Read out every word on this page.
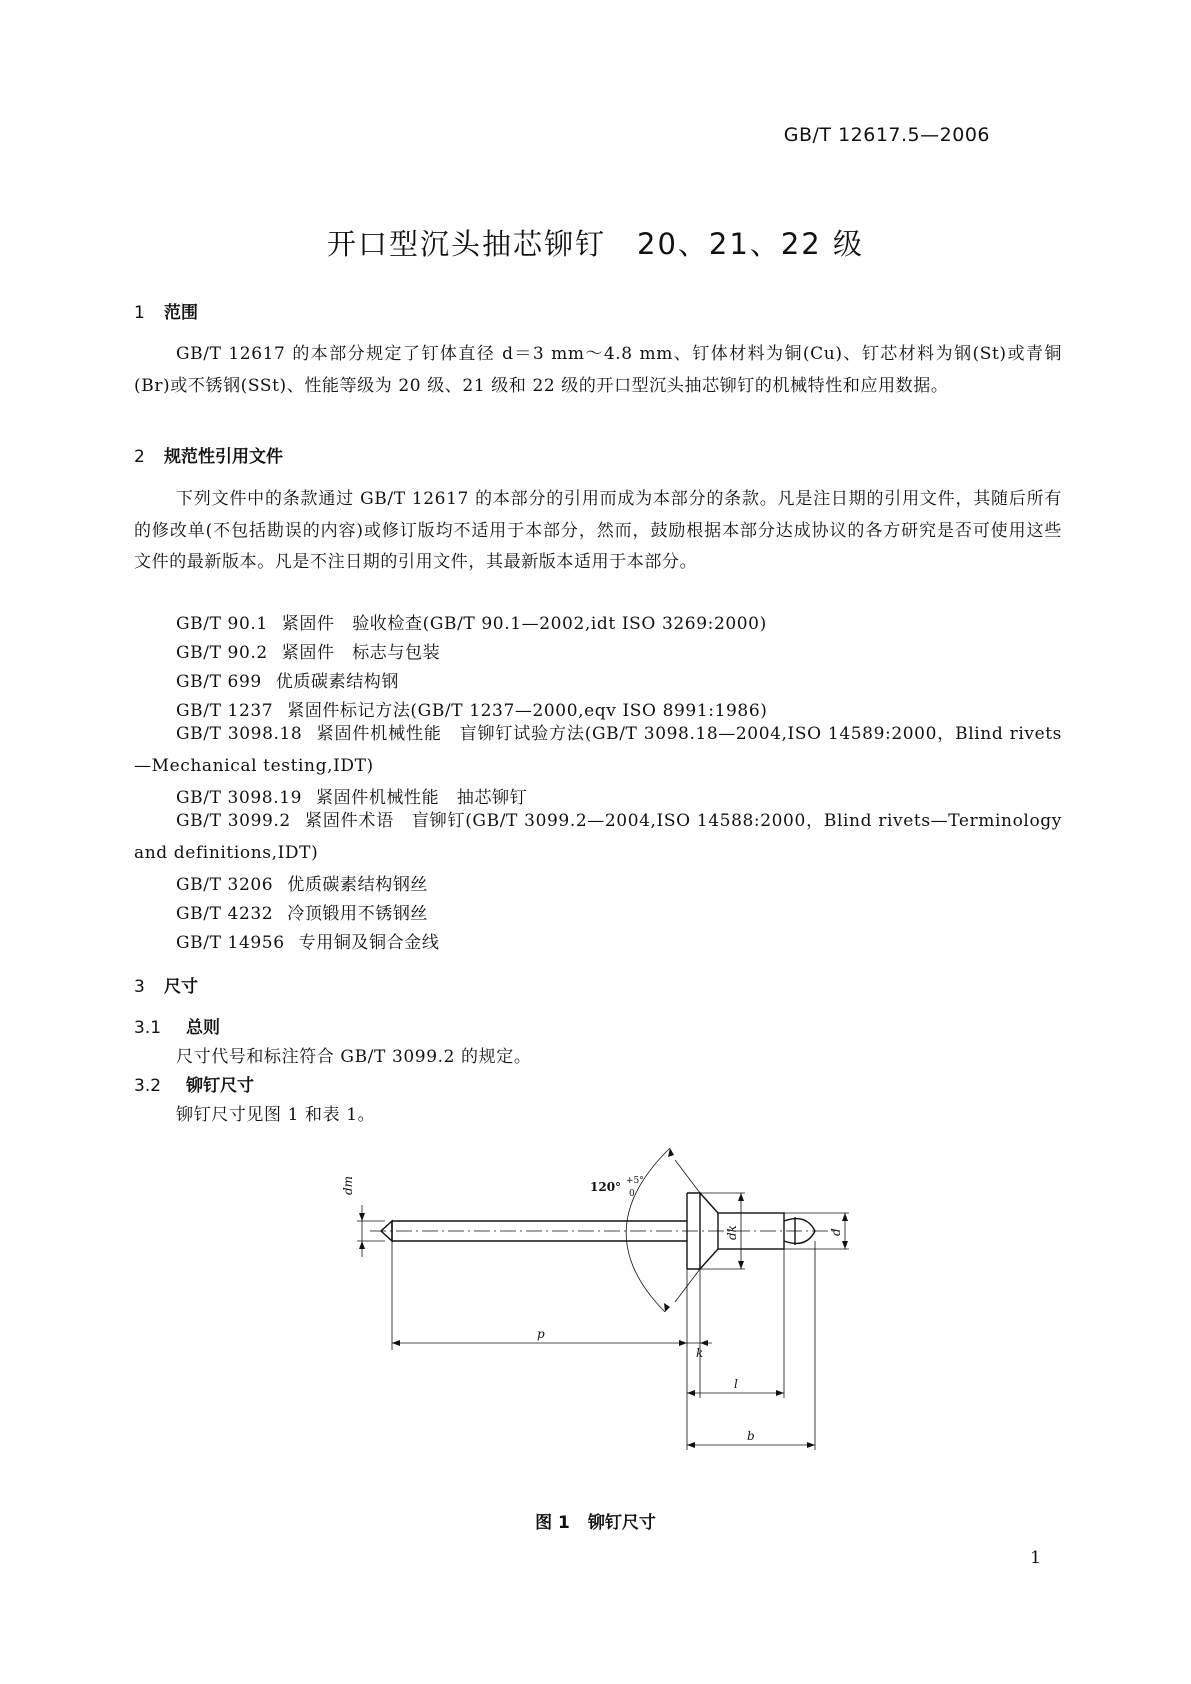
GB/T 12617.5—2006
开口型沉头抽芯铆钉　20、21、22 级
1 范围
GB/T 12617 的本部分规定了钉体直径 d＝3 mm～4.8 mm、钉体材料为铜(Cu)、钉芯材料为钢(St)或青铜(Br)或不锈钢(SSt)、性能等级为 20 级、21 级和 22 级的开口型沉头抽芯铆钉的机械特性和应用数据。
2 规范性引用文件
下列文件中的条款通过 GB/T 12617 的本部分的引用而成为本部分的条款。凡是注日期的引用文件，其随后所有的修改单(不包括勘误的内容)或修订版均不适用于本部分，然而，鼓励根据本部分达成协议的各方研究是否可使用这些文件的最新版本。凡是不注日期的引用文件，其最新版本适用于本部分。
GB/T 90.1 紧固件　验收检查(GB/T 90.1—2002,idt ISO 3269:2000)
GB/T 90.2 紧固件　标志与包装
GB/T 699 优质碳素结构钢
GB/T 1237 紧固件标记方法(GB/T 1237—2000,eqv ISO 8991:1986)
GB/T 3098.18 紧固件机械性能　盲铆钉试验方法(GB/T 3098.18—2004,ISO 14589:2000，Blind rivets—Mechanical testing,IDT)
GB/T 3098.19 紧固件机械性能　抽芯铆钉
GB/T 3099.2 紧固件术语　盲铆钉(GB/T 3099.2—2004,ISO 14588:2000，Blind rivets—Terminology and definitions,IDT)
GB/T 3206 优质碳素结构钢丝
GB/T 4232 冷顶锻用不锈钢丝
GB/T 14956 专用铜及铜合金线
3 尺寸
3.1 总则
尺寸代号和标注符合 GB/T 3099.2 的规定。
3.2 铆钉尺寸
铆钉尺寸见图 1 和表 1。
dm	120° +5°
0
dk	d
p
k
l
b
图 1 铆钉尺寸
1
